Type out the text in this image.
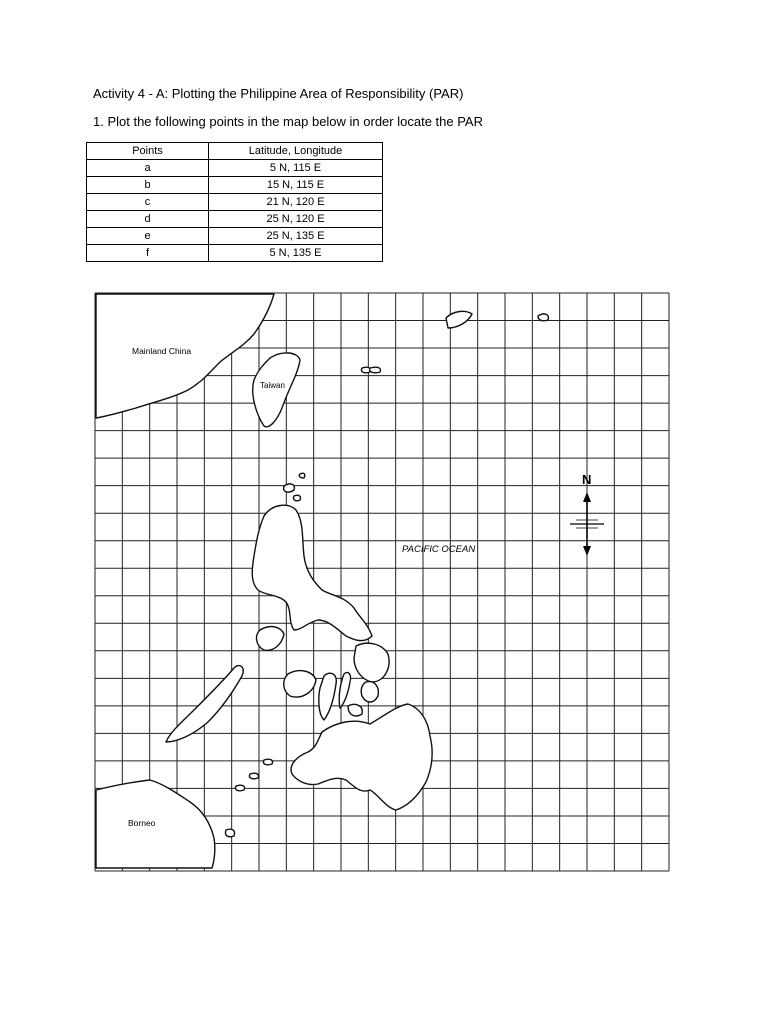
Activity 4 - A: Plotting the Philippine Area of Responsibility (PAR)
1. Plot the following points in the map below in order locate the PAR
Points	Latitude, Longitude
a	5 N, 115 E
b	15 N, 115 E
c	21 N, 120 E
d	25 N, 120 E
e	25 N, 135 E
f	5 N, 135 E
Mainland China
Taiwan
PACIFIC OCEAN
Borneo
N
